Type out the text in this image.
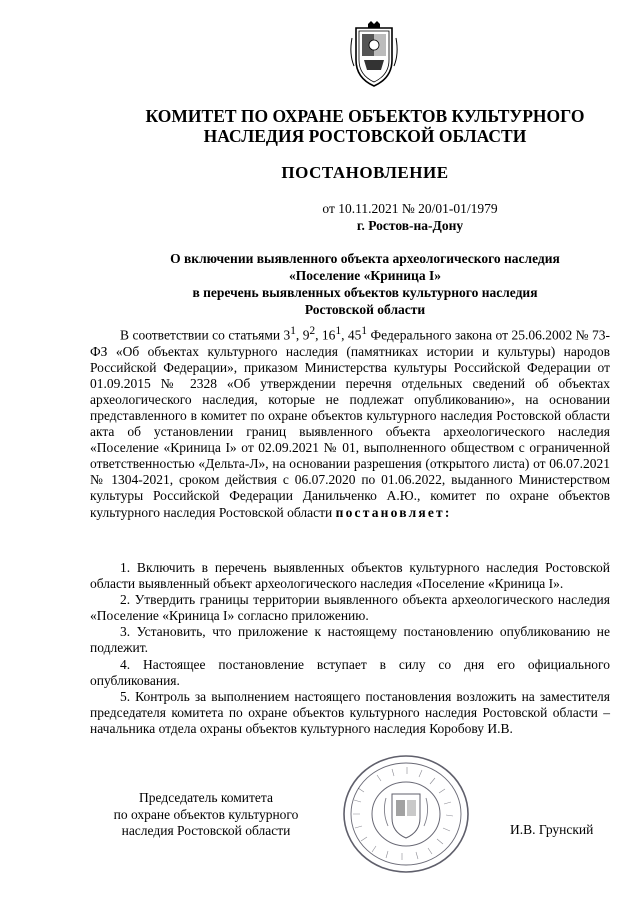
КОМИТЕТ ПО ОХРАНЕ ОБЪЕКТОВ КУЛЬТУРНОГО
НАСЛЕДИЯ РОСТОВСКОЙ ОБЛАСТИ
ПОСТАНОВЛЕНИЕ
от 10.11.2021 № 20/01-01/1979
г. Ростов-на-Дону
О включении выявленного объекта археологического наследия
«Поселение «Криница I»
в перечень выявленных объектов культурного наследия
Ростовской области

В соответствии со статьями $3^1$, $9^2$, $16^1$, $45^1$ Федерального закона от 25.06.2002 № 73-ФЗ «Об объектах культурного наследия (памятниках истории и культуры) народов Российской Федерации», приказом Министерства культуры Российской Федерации от 01.09.2015 № 2328 «Об утверждении перечня отдельных сведений об объектах археологического наследия, которые не подлежат опубликованию», на основании представленного в комитет по охране объектов культурного наследия Ростовской области акта об установлении границ выявленного объекта археологического наследия «Поселение «Криница I» от 02.09.2021 № 01, выполненного обществом с ограниченной ответственностью «Дельта-Л», на основании разрешения (открытого листа) от 06.07.2021 № 1304-2021, сроком действия с 06.07.2020 по 01.06.2022, выданного Министерством культуры Российской Федерации Данильченко А.Ю., комитет по охране объектов культурного наследия Ростовской области постановляет:

1. Включить в перечень выявленных объектов культурного наследия Ростовской области выявленный объект археологического наследия «Поселение «Криница I».

2. Утвердить границы территории выявленного объекта археологического наследия «Поселение «Криница I» согласно приложению.

3. Установить, что приложение к настоящему постановлению опубликованию не подлежит.

4. Настоящее постановление вступает в силу со дня его официального опубликования.

5. Контроль за выполнением настоящего постановления возложить на заместителя председателя комитета по охране объектов культурного наследия Ростовской области – начальника отдела охраны объектов культурного наследия Коробову И.В.

Председатель комитета
по охране объектов культурного
наследия Ростовской области	И.В. Грунский
